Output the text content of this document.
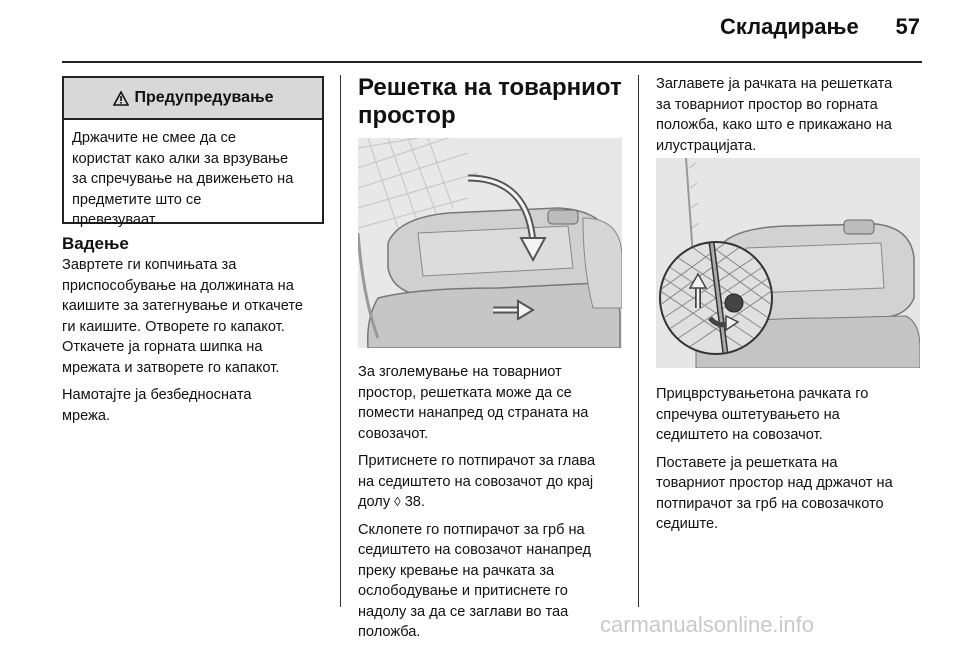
Складирање	57
Предупредување
Држачите не смее да се
користат како алки за врзување
за спречување на движењето на
предметите што се
превезуваат.
Вадење

Завртете ги копчињата за
приспособување на должината на
каишите за затегнување и откачете
ги каишите. Отворете го капакот.
Откачете ја горната шипка на
мрежата и затворете го капакот.

Намотајте ја безбедносната
мрежа.

Решетка на товарниот
простор

За зголемување на товарниот
простор, решетката може да се
помести нанапред од страната на
совозачот.

Притиснете го потпирачот за глава
на седиштето на совозачот до крај
долу ◊ 38.

Склопете го потпирачот за грб на
седиштето на совозачот нанапред
преку кревање на рачката за
ослободување и притиснете го
надолу за да се заглави во таа
положба.

Заглавете ја рачката на решетката
за товарниот простор во горната
положба, како што е прикажано на
илустрацијата.

Прицврстувањетона рачката го
спречува оштетувањето на
седиштето на совозачот.

Поставете ја решетката на
товарниот простор над држачот на
потпирачот за грб на совозачкото
седиште.

carmanualsonline.info
